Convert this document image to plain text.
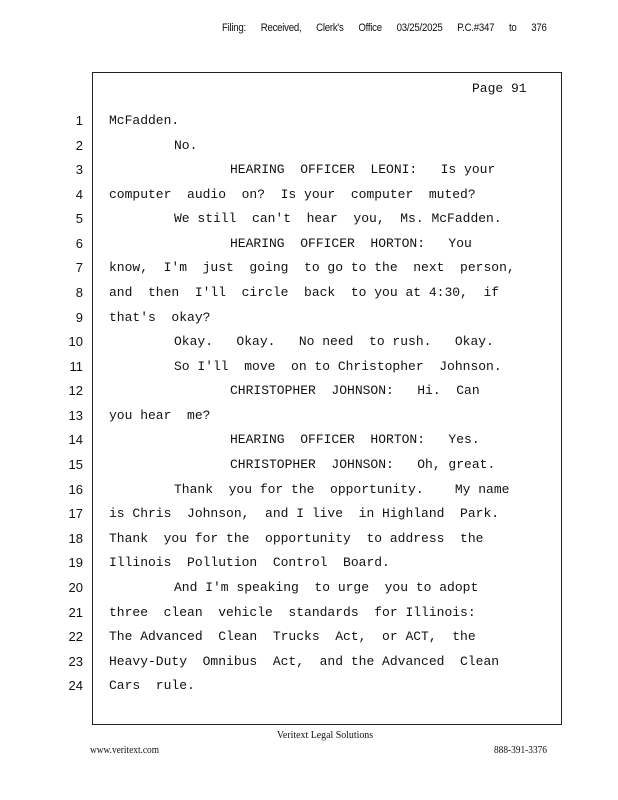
Filing: Received, Clerk's Office 03/25/2025 P.C.#347 to 376
Page 91
1 McFadden.
2	No.
3	HEARING  OFFICER  LEONI:   Is your
4 computer  audio  on?  Is your  computer  muted?
5	We still  can't  hear  you,  Ms. McFadden.
6	HEARING  OFFICER  HORTON:   You
7 know,  I'm  just  going  to go to the  next  person,
8 and  then  I'll  circle  back  to you at 4:30,  if
9 that's  okay?
10	Okay.   Okay.   No need  to rush.   Okay.
11	So I'll  move  on to Christopher  Johnson.
12	CHRISTOPHER  JOHNSON:   Hi.  Can
13 you hear  me?
14	HEARING  OFFICER  HORTON:   Yes.
15	CHRISTOPHER  JOHNSON:   Oh, great.
16	Thank  you for the  opportunity.    My name
17 is Chris  Johnson,  and I live  in Highland  Park.
18 Thank  you for the  opportunity  to address  the
19 Illinois  Pollution  Control  Board.
20	And I'm speaking  to urge  you to adopt
21 three  clean  vehicle  standards  for Illinois:
22 The Advanced  Clean  Trucks  Act,  or ACT,  the
23 Heavy-Duty  Omnibus  Act,  and the Advanced  Clean
24 Cars  rule.
Veritext Legal Solutions
www.veritext.com	888-391-3376
